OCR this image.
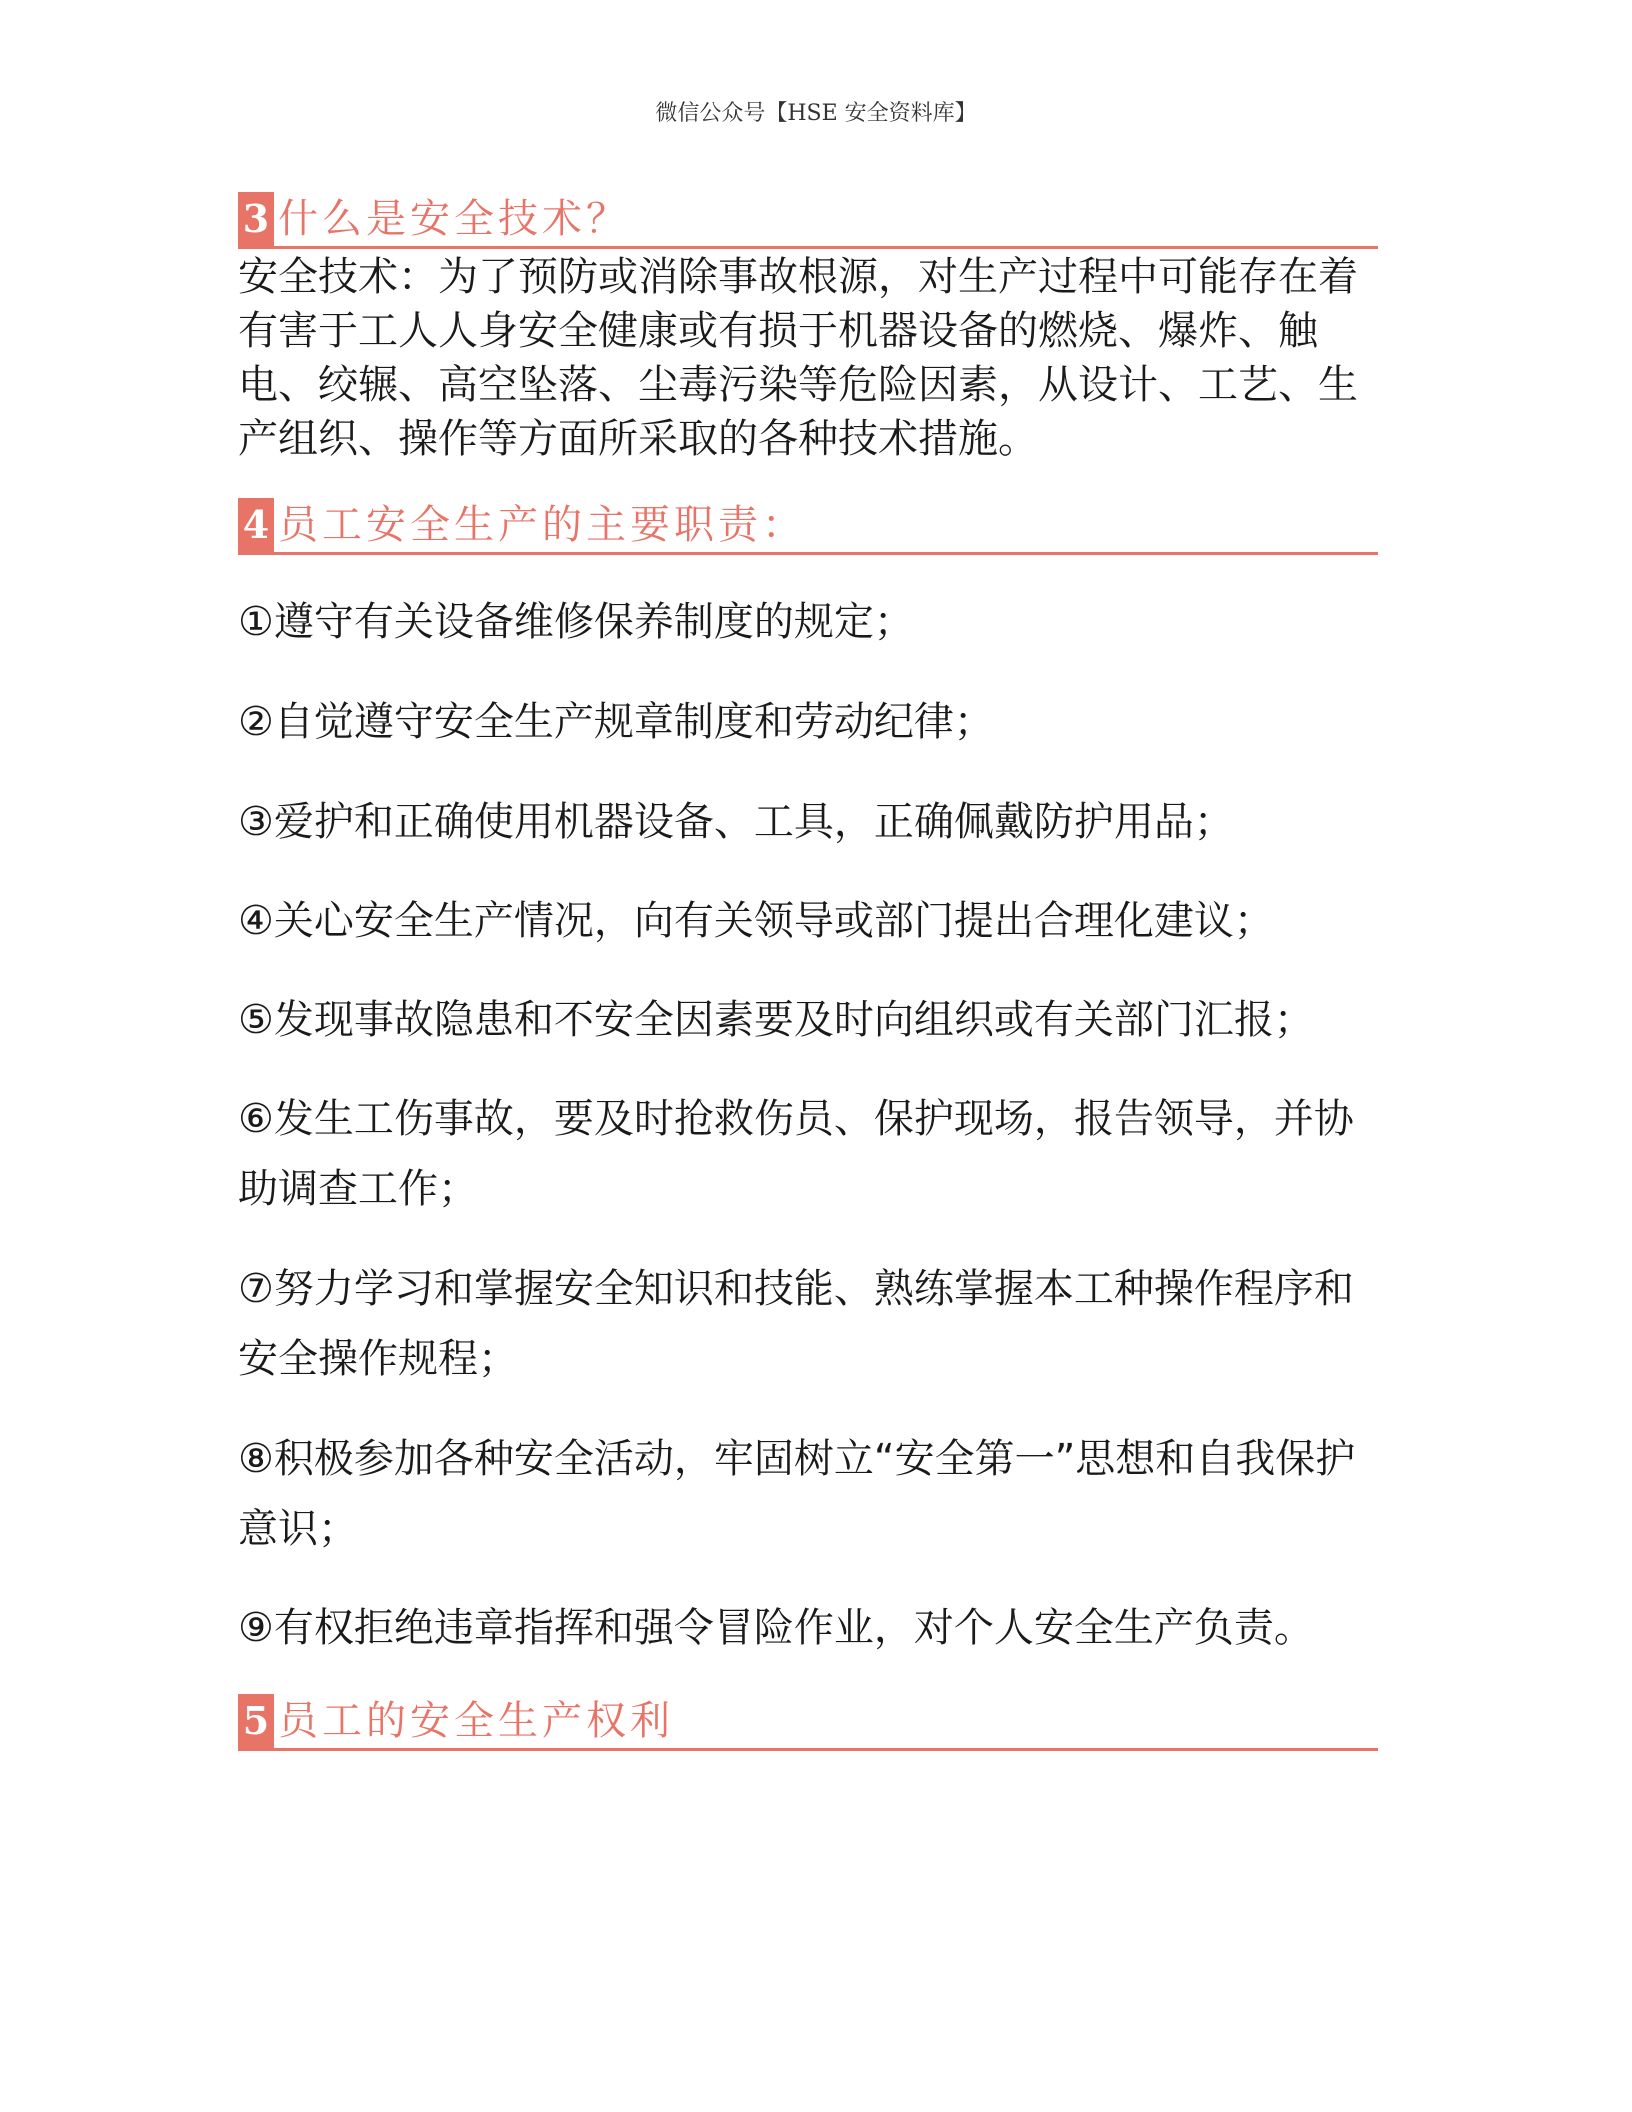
微信公众号【HSE 安全资料库】
3 什么是安全技术？

安全技术：为了预防或消除事故根源，对生产过程中可能存在着有害于工人人身安全健康或有损于机器设备的燃烧、爆炸、触电、绞辗、高空坠落、尘毒污染等危险因素，从设计、工艺、生产组织、操作等方面所采取的各种技术措施。

4 员工安全生产的主要职责：

①遵守有关设备维修保养制度的规定；

②自觉遵守安全生产规章制度和劳动纪律；

③爱护和正确使用机器设备、工具，正确佩戴防护用品；

④关心安全生产情况，向有关领导或部门提出合理化建议；

⑤发现事故隐患和不安全因素要及时向组织或有关部门汇报；

⑥发生工伤事故，要及时抢救伤员、保护现场，报告领导，并协助调查工作；

⑦努力学习和掌握安全知识和技能、熟练掌握本工种操作程序和安全操作规程；

⑧积极参加各种安全活动，牢固树立“安全第一”思想和自我保护意识；

⑨有权拒绝违章指挥和强令冒险作业，对个人安全生产负责。

5 员工的安全生产权利
